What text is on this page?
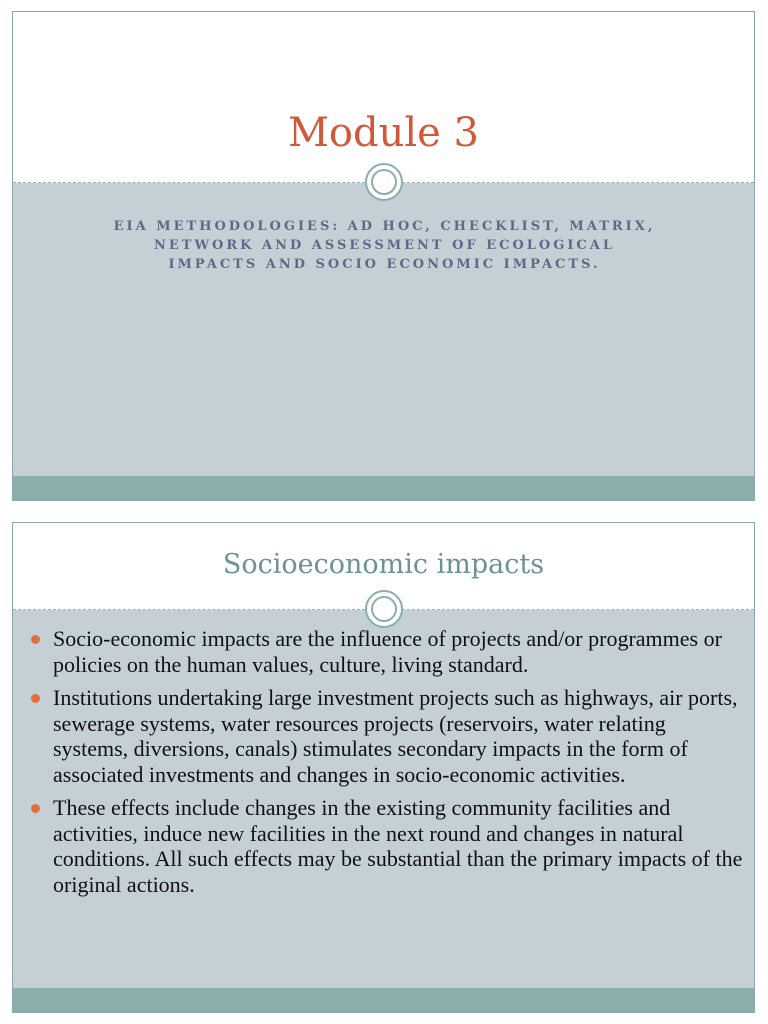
Module 3

EIA METHODOLOGIES: AD HOC, CHECKLIST, MATRIX, NETWORK AND ASSESSMENT OF ECOLOGICAL IMPACTS AND SOCIO ECONOMIC IMPACTS.

Socioeconomic impacts
Socio-economic impacts are the influence of projects and/or programmes or policies on the human values, culture, living standard.
Institutions undertaking large investment projects such as highways, air ports, sewerage systems, water resources projects (reservoirs, water relating systems, diversions, canals) stimulates secondary impacts in the form of associated investments and changes in socio-economic activities.
These effects include changes in the existing community facilities and activities, induce new facilities in the next round and changes in natural conditions. All such effects may be substantial than the primary impacts of the original actions.
